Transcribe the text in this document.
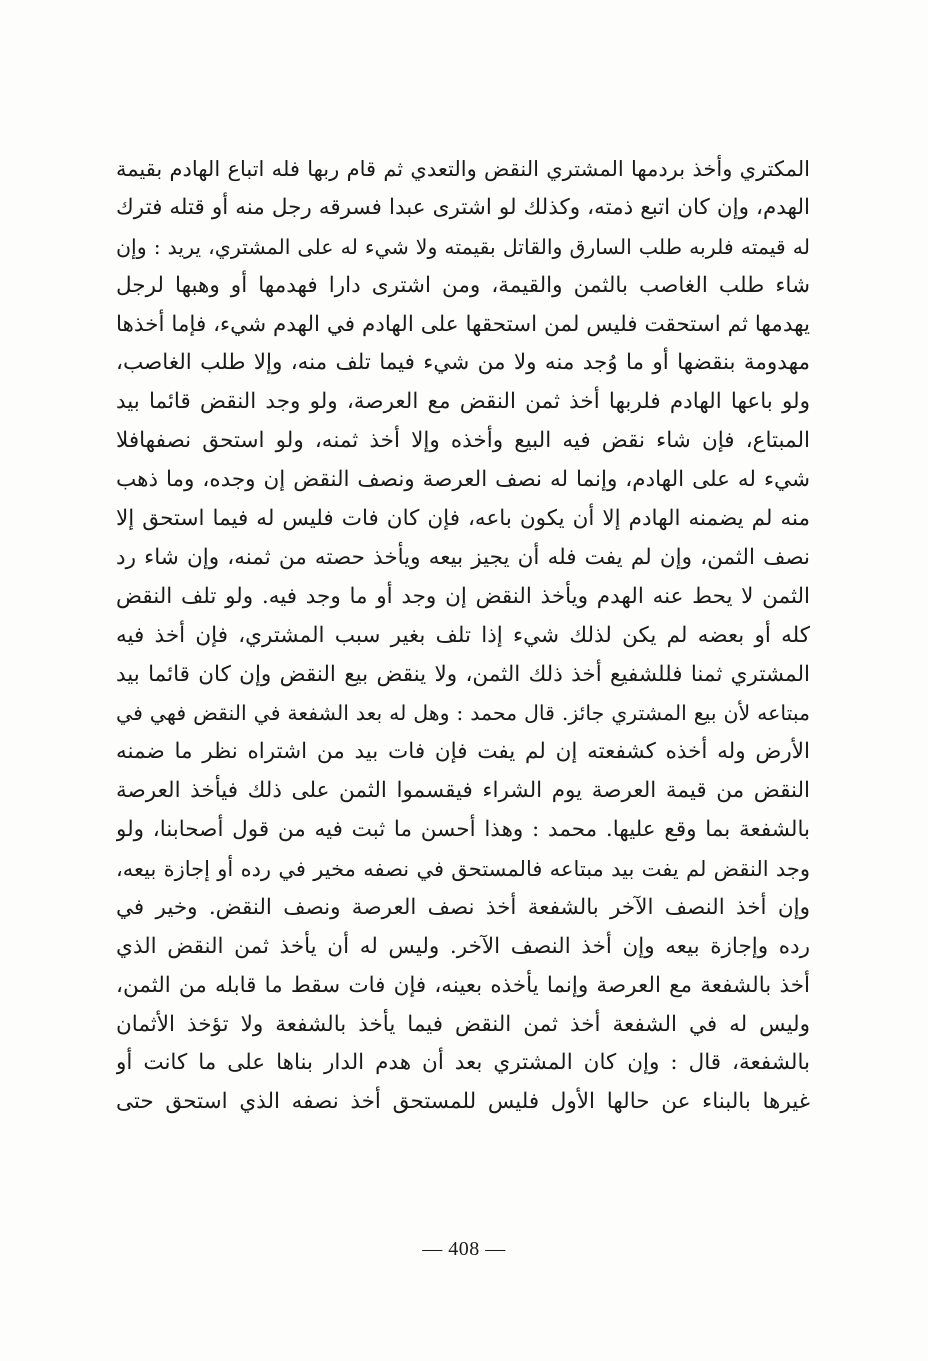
المكتري وأخذ بردمها المشتري النقض والتعدي ثم قام ربها فله اتباع الهادم بقيمة
الهدم، وإن كان اتبع ذمته، وكذلك لو اشترى عبدا فسرقه رجل منه أو قتله فترك
له قيمته فلربه طلب السارق والقاتل بقيمته ولا شيء له على المشتري، يريد : وإن
شاء طلب الغاصب بالثمن والقيمة، ومن اشترى دارا فهدمها أو وهبها لرجل
يهدمها ثم استحقت فليس لمن استحقها على الهادم في الهدم شيء، فإما أخذها
مهدومة بنقضها أو ما وُجد منه ولا من شيء فيما تلف منه، وإلا طلب الغاصب،
ولو باعها الهادم فلربها أخذ ثمن النقض مع العرصة، ولو وجد النقض قائما بيد
المبتاع، فإن شاء نقض فيه البيع وأخذه وإلا أخذ ثمنه، ولو استحق نصفهافلا
شيء له على الهادم، وإنما له نصف العرصة ونصف النقض إن وجده، وما ذهب
منه لم يضمنه الهادم إلا أن يكون باعه، فإن كان فات فليس له فيما استحق إلا
نصف الثمن، وإن لم يفت فله أن يجيز بيعه ويأخذ حصته من ثمنه، وإن شاء رد
الثمن لا يحط عنه الهدم ويأخذ النقض إن وجد أو ما وجد فيه. ولو تلف النقض
كله أو بعضه لم يكن لذلك شيء إذا تلف بغير سبب المشتري، فإن أخذ فيه
المشتري ثمنا فللشفيع أخذ ذلك الثمن، ولا ينقض بيع النقض وإن كان قائما بيد
مبتاعه لأن بيع المشتري جائز. قال محمد : وهل له بعد الشفعة في النقض فهي في
الأرض وله أخذه كشفعته إن لم يفت فإن فات بيد من اشتراه نظر ما ضمنه
النقض من قيمة العرصة يوم الشراء فيقسموا الثمن على ذلك فيأخذ العرصة
بالشفعة بما وقع عليها. محمد : وهذا أحسن ما ثبت فيه من قول أصحابنا، ولو
وجد النقض لم يفت بيد مبتاعه فالمستحق في نصفه مخير في رده أو إجازة بيعه،
وإن أخذ النصف الآخر بالشفعة أخذ نصف العرصة ونصف النقض. وخير في
رده وإجازة بيعه وإن أخذ النصف الآخر. وليس له أن يأخذ ثمن النقض الذي
أخذ بالشفعة مع العرصة وإنما يأخذه بعينه، فإن فات سقط ما قابله من الثمن،
وليس له في الشفعة أخذ ثمن النقض فيما يأخذ بالشفعة ولا تؤخذ الأثمان
بالشفعة، قال : وإن كان المشتري بعد أن هدم الدار بناها على ما كانت أو
غيرها بالبناء عن حالها الأول فليس للمستحق أخذ نصفه الذي استحق حتى
— 408 —
